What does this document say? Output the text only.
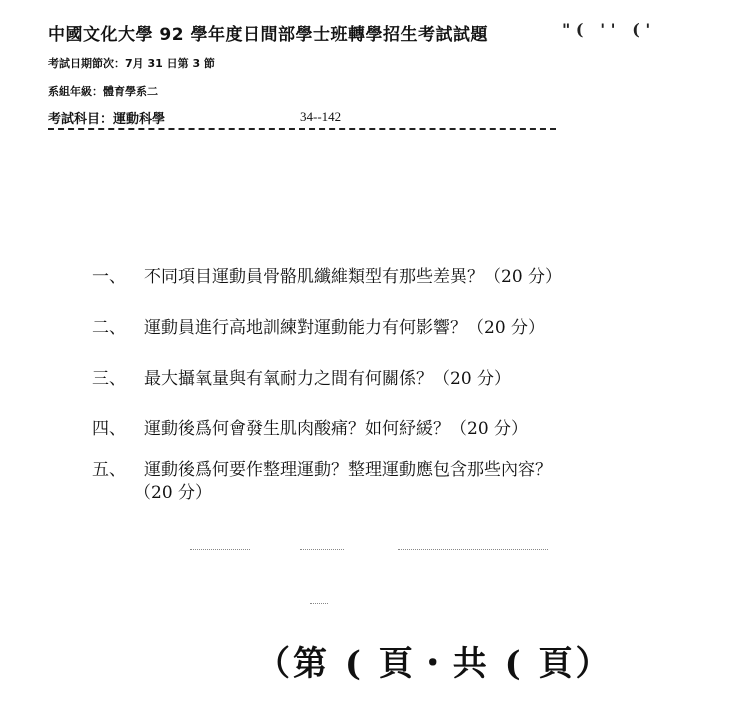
中國文化大學 92 學年度日間部學士班轉學招生考試試題	" (   ' '   ( '
考試日期節次：7月 31 日第 3 節
系組年級：體育學系二
考試科目：運動科學	34--142
一、 不同項目運動員骨骼肌纖維類型有那些差異？（20 分）
二、 運動員進行高地訓練對運動能力有何影響？（20 分）
三、 最大攝氧量與有氧耐力之間有何關係？（20 分）
四、 運動後爲何會發生肌肉酸痛？如何紓緩？（20 分）
五、 運動後爲何要作整理運動？整理運動應包含那些內容？
（20 分）
（第 ( 頁・共 ( 頁）
